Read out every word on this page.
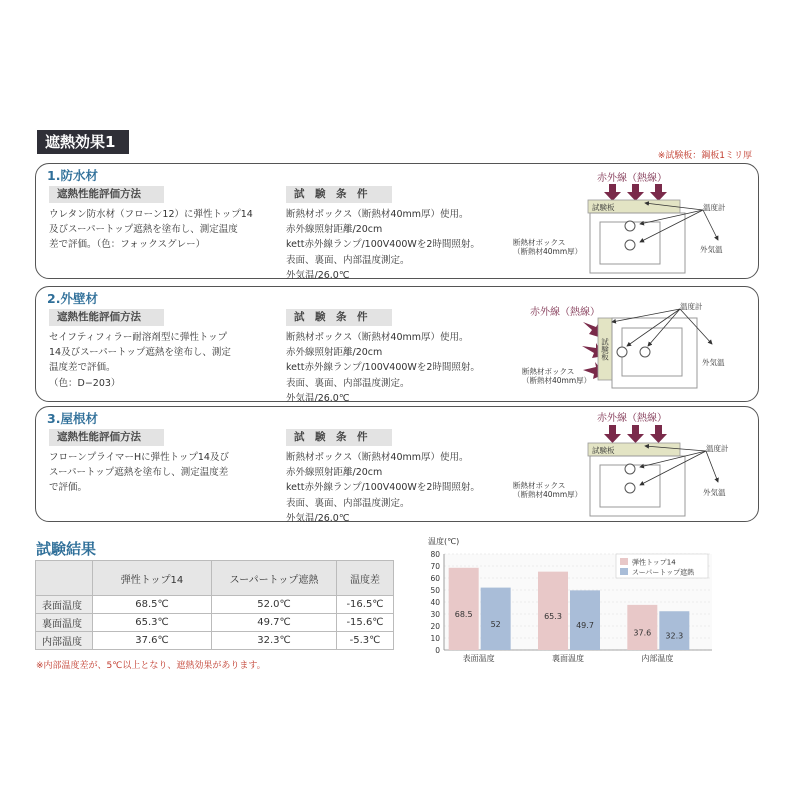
遮熱効果1
※試験板：鋼板1ミリ厚
1.防水材
遮熱性能評価方法	試　験　条　件
ウレタン防水材（フローン12）に弾性トップ14
及びスーパートップ遮熱を塗布し、測定温度
差で評価。（色：フォックスグレー）
断熱材ボックス（断熱材40mm厚）使用。
赤外線照射距離/20cm
kett赤外線ランプ/100V400Wを2時間照射。
表面、裏面、内部温度測定。
外気温/26.0℃
2.外壁材
遮熱性能評価方法	試　験　条　件
セイフティフィラー耐溶剤型に弾性トップ
14及びスーパートップ遮熱を塗布し、測定
温度差で評価。
（色：D−203）
断熱材ボックス（断熱材40mm厚）使用。
赤外線照射距離/20cm
kett赤外線ランプ/100V400Wを2時間照射。
表面、裏面、内部温度測定。
外気温/26.0℃
3.屋根材
遮熱性能評価方法	試　験　条　件
フローンプライマーHに弾性トップ14及び
スーパートップ遮熱を塗布し、測定温度差
で評価。
断熱材ボックス（断熱材40mm厚）使用。
赤外線照射距離/20cm
kett赤外線ランプ/100V400Wを2時間照射。
表面、裏面、内部温度測定。
外気温/26.0℃
赤外線（熱線）
試験板	温度計
断熱材ボックス
（断熱材40mm厚）	外気温
赤外線（熱線）
試験板
温度計
断熱材ボックス
（断熱材40mm厚）
外気温
赤外線（熱線）
試験板	温度計
断熱材ボックス
（断熱材40mm厚）	外気温
試験結果
	弾性トップ14	スーパートップ遮熱	温度差
表面温度	68.5℃	52.0℃	-16.5℃
裏面温度	65.3℃	49.7℃	-15.6℃
内部温度	37.6℃	32.3℃	-5.3℃
※内部温度差が、5℃以上となり、遮熱効果があります。
温度(℃)
0
10
20
30
40
50
60
70
80
68.5
52
表面温度
65.3
49.7
裏面温度
37.6 32.3
内部温度
弾性トップ14
スーパートップ遮熱
